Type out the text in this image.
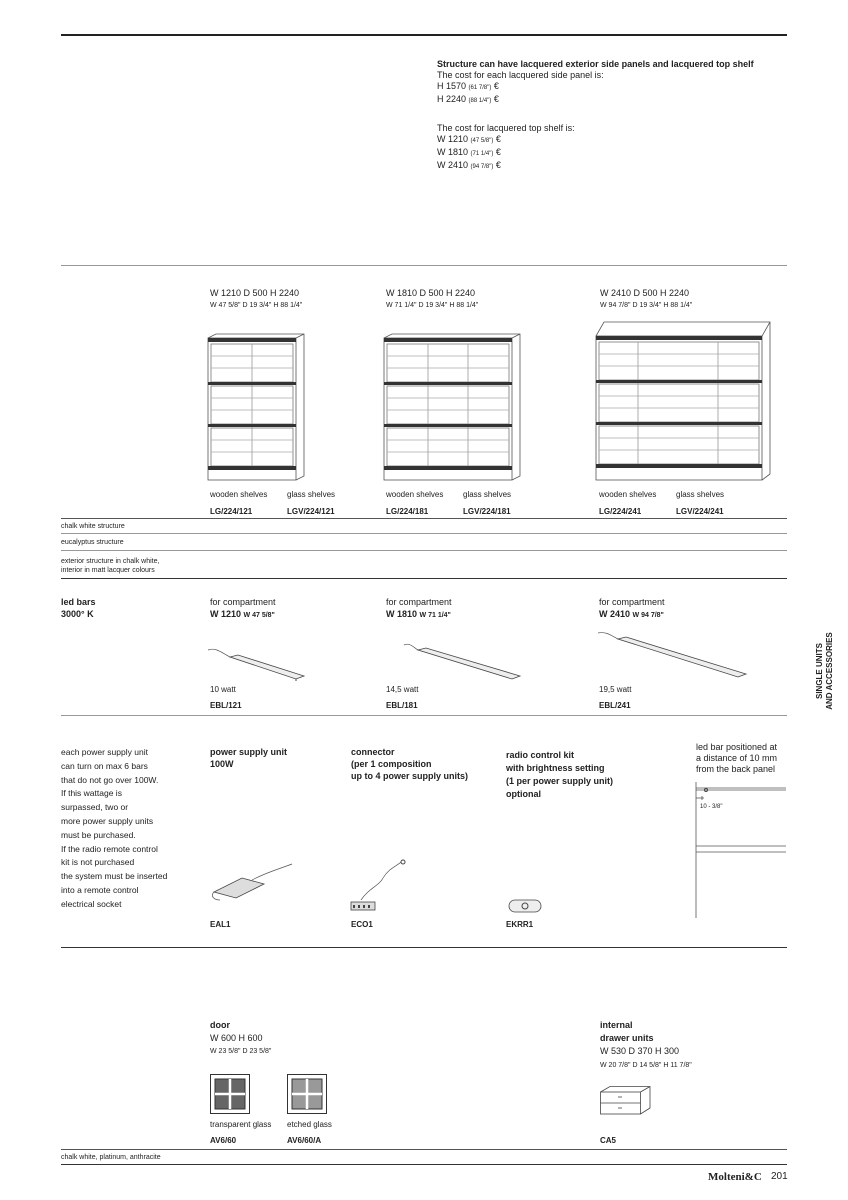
Structure can have lacquered exterior side panels and lacquered top shelf
The cost for each lacquered side panel is:
H 1570 (61 7/8") €
H 2240 (88 1/4") €
The cost for lacquered top shelf is:
W 1210 (47 5/8") €
W 1810 (71 1/4") €
W 2410 (94 7/8") €
W 1210 D 500 H 2240
W 47 5/8" D 19 3/4" H 88 1/4"
W 1810 D 500 H 2240
W 71 1/4" D 19 3/4" H 88 1/4"
W 2410 D 500 H 2240
W 94 7/8" D 19 3/4" H 88 1/4"
wooden shelves glass shelves	wooden shelves glass shelves	wooden shelves glass shelves
LG/224/121	LGV/224/121	LG/224/181	LGV/224/181	LG/224/241	LGV/224/241
chalk white structure
eucalyptus structure
exterior structure in chalk white,
interior in matt lacquer colours
led bars
3000° K
for compartment
W 1210 W 47 5/8"
for compartment
W 1810 W 71 1/4"
for compartment
W 2410 W 94 7/8"
10 watt
EBL/121
14,5 watt
EBL/181
19,5 watt
EBL/241
each power supply unit
can turn on max 6 bars
that do not go over 100W.
If this wattage is
surpassed, two or
more power supply units
must be purchased.
If the radio remote control
kit is not purchased
the system must be inserted
into a remote control
electrical socket
power supply unit
100W
connector
(per 1 composition
up to 4 power supply units)
radio control kit
with brightness setting
(1 per power supply unit)
optional
EAL1	ECO1	EKRR1
led bar positioned at
a distance of 10 mm
from the back panel
10 - 3/8"
door
W 600 H 600
W 23 5/8" D 23 5/8"
transparent glass etched glass
AV6/60	AV6/60/A
internal
drawer units
W 530 D 370 H 300
W 20 7/8" D 14 5/8" H 11 7/8"
CA5
chalk white, platinum, anthracite
Molteni&C 201
SINGLE UNITS AND ACCESSORIES
